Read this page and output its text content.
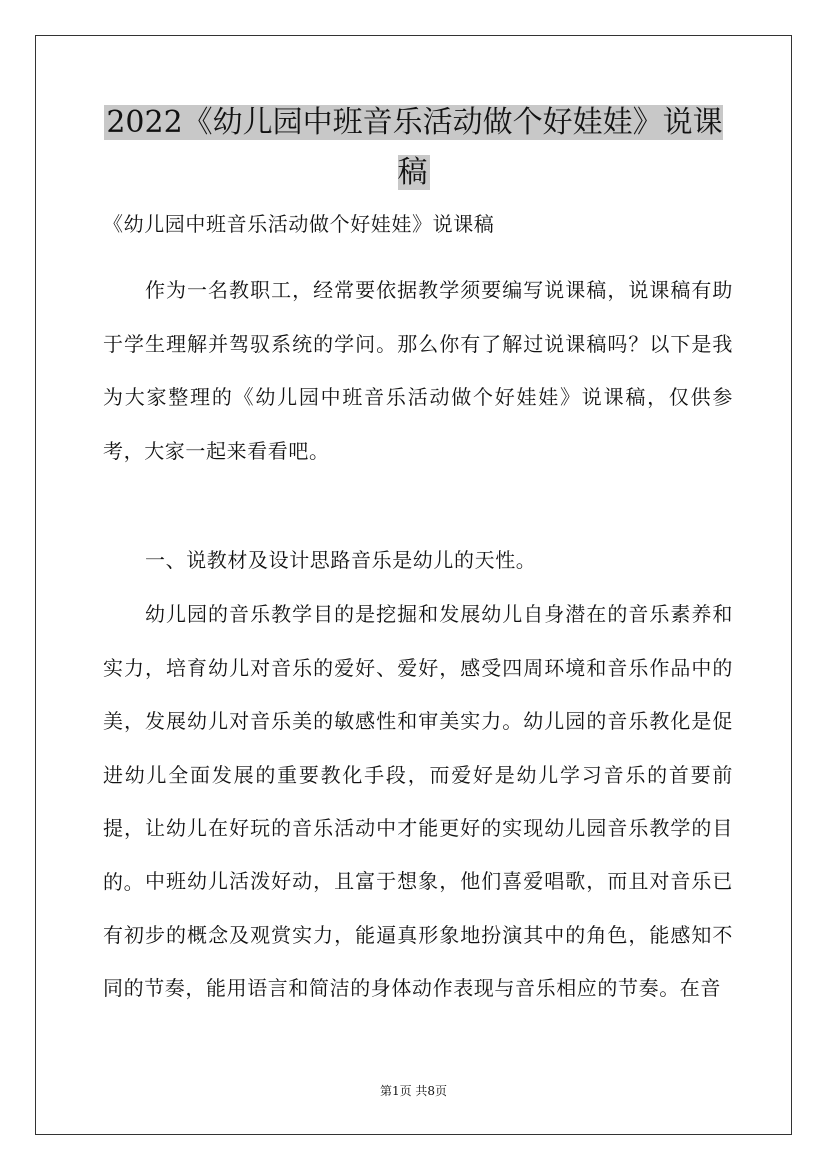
2022《幼儿园中班音乐活动做个好娃娃》说课稿

《幼儿园中班音乐活动做个好娃娃》说课稿

作为一名教职工，经常要依据教学须要编写说课稿，说课稿有助于学生理解并驾驭系统的学问。那么你有了解过说课稿吗？以下是我为大家整理的《幼儿园中班音乐活动做个好娃娃》说课稿，仅供参考，大家一起来看看吧。

一、说教材及设计思路音乐是幼儿的天性。

幼儿园的音乐教学目的是挖掘和发展幼儿自身潜在的音乐素养和实力，培育幼儿对音乐的爱好、爱好，感受四周环境和音乐作品中的美，发展幼儿对音乐美的敏感性和审美实力。幼儿园的音乐教化是促进幼儿全面发展的重要教化手段，而爱好是幼儿学习音乐的首要前提，让幼儿在好玩的音乐活动中才能更好的实现幼儿园音乐教学的目的。 中班幼儿活泼好动，且富于想象，他们喜爱唱歌，而且对音乐已有初步的概念及观赏实力，能逼真形象地扮演其中的角色，能感知不同的节奏，能用语言和简洁的身体动作表现与音乐相应的节奏。在音

第1页 共8页
